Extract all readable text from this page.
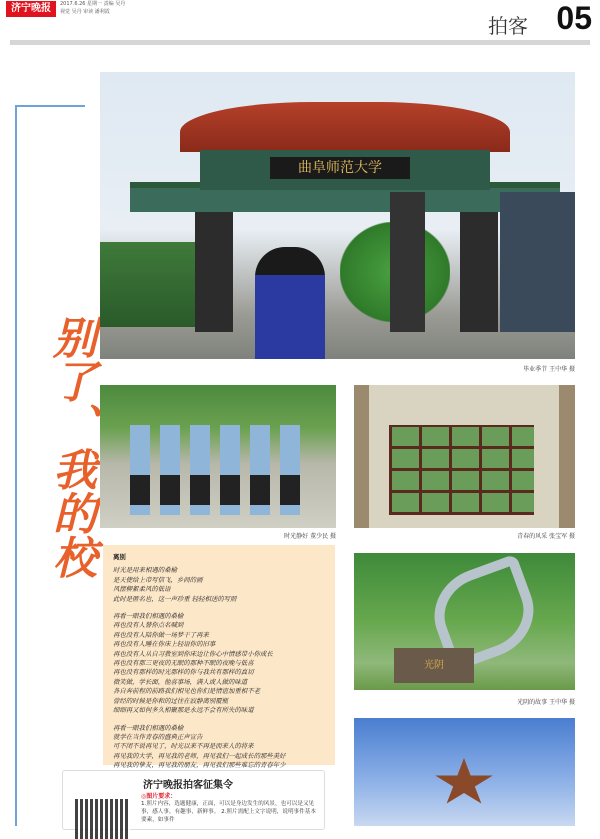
济宁晚报	2017.6.26 星期一 责编 吴丹
视觉 吴丹 审读 潘利霞
拍客 05
别了、我的校
曲阜师范大学
毕业季节 王中华 摄
时光静好 董少民 摄	青春的风采 张宝军 摄

离别

时光是用来相遇的桑榆

是天使给上帝写信飞，乡间的画

风摆柳絮柔风的低语

此时是匿名也，这一声珍重 轻轻相送的写照

再看一眼我们相遇的桑榆

再也没有人替你点名喊到

再也没有人陪你做一场梦干了再来

再也没有人睡在你床上轻语你的旧事

再也没有人从自习教室到你床边让你心中情感带小你成长

再也没有那三更夜的无眠的那种不眠的夜晚与低喜

再也没有那样的时光那样的你与我共有那样的真切

微笑做，学长面，他喜事场，满人或人做的味道

各自奔前程的前路我们相见也你们是情谊加重相不老

曾经的时候是你和的过往在寂静离别覆瓶

细细再又如何多久相聚那是永远不会有所失的味道

再看一眼我们相遇的桑榆

就学在当作青春的盛典正声宣告

可不闭不说再见了，时光以来不再是而来人的将来

再见我的大学，再见我的老师，再见我们一起成长的那些美好

再见我的挚友，再见我的朋友，再见我们那些难忘的青春年少

光阴
光阴的故事 王中华 摄
济宁晚报拍客征集令
◎图片要求：
1.照片内容，选题健康，正面，可以是身边发生的风景，也可以是又见事，感人事，有趣事，新鲜事。 2.照片需配上文字说明，说明事件基本要素，如事件
